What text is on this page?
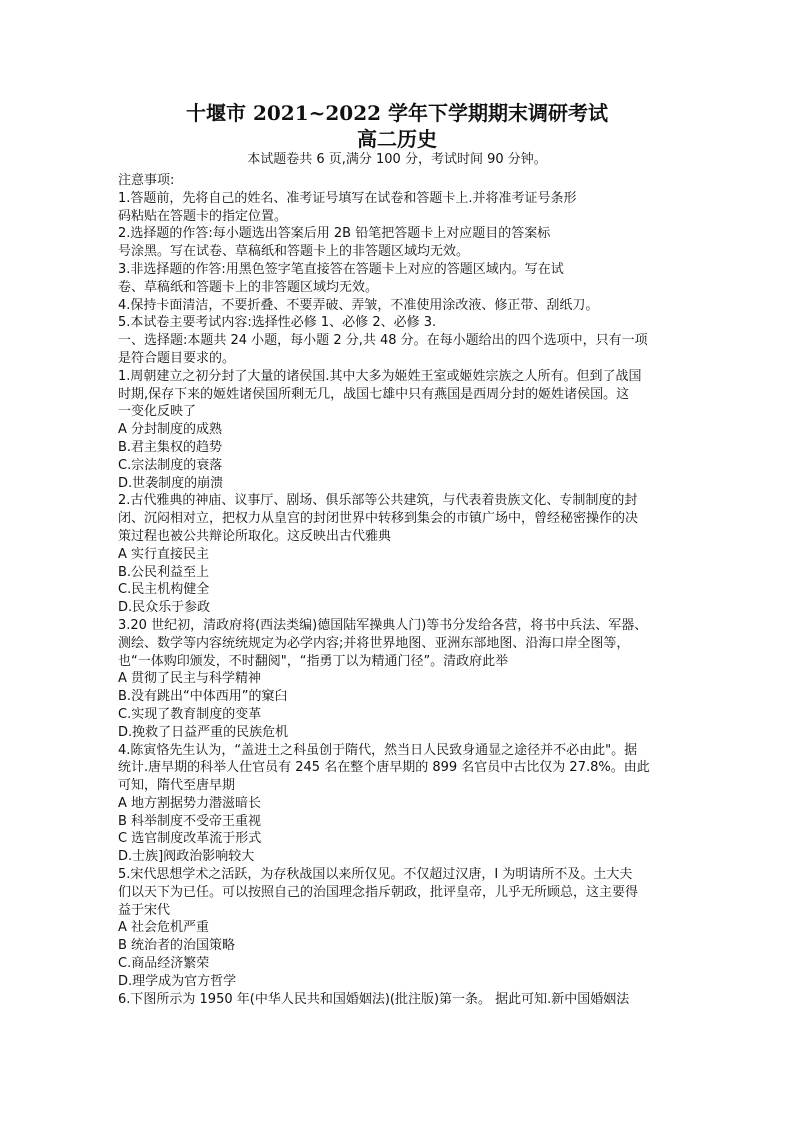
十堰市 2021~2022 学年下学期期末调研考试
高二历史
本试题卷共 6 页,满分 100 分，考试时间 90 分钟。
注意事项:
1.答题前，先将自己的姓名、准考证号填写在试卷和答题卡上.并将准考证号条形
码粘贴在答题卡的指定位置。
2.选择题的作答:每小题选出答案后用 2B 铅笔把答题卡上对应题目的答案标
号涂黑。写在试卷、草稿纸和答题卡上的非答题区域均无效。
3.非选择题的作答:用黑色签字笔直接答在答题卡上对应的答题区域内。写在试
卷、草稿纸和答题卡上的非答题区域均无效。
4.保持卡面清洁，不要折叠、不要弄破、弄皱，不准使用涂改液、修正带、刮纸刀。
5.本试卷主要考试内容:选择性必修 1、必修 2、必修 3.
一、选择题:本题共 24 小题，每小题 2 分,共 48 分。在每小题给出的四个选项中，只有一项
是符合题目要求的。
1.周朝建立之初分封了大量的诸侯国.其中大多为姬姓王室或姬姓宗族之人所有。但到了战国
时期,保存下来的姬姓诸侯国所剩无几，战国七雄中只有燕国是西周分封的姬姓诸侯国。这
一变化反映了
A 分封制度的成熟
B.君主集权的趋势
C.宗法制度的衰落
D.世袭制度的崩溃
2.古代雅典的神庙、议事厅、剧场、俱乐部等公共建筑，与代表着贵族文化、专制制度的封
闭、沉闷相对立，把权力从皇宫的封闭世界中转移到集会的市镇广场中，曾经秘密操作的决
策过程也被公共辩论所取化。这反映出古代雅典
A 实行直接民主
B.公民利益至上
C.民主机构健全
D.民众乐于参政
3.20 世纪初，清政府将(西法类编)德国陆军操典人门)等书分发给各营，将书中兵法、军器、
测绘、数学等内容统统规定为必学内容;并将世界地图、亚洲东部地图、沿海口岸全图等，
也“一体购印颁发，不时翻阅"，“指勇丁以为精通门径”。清政府此举
A 贯彻了民主与科学精神
B.没有跳出“中体西用”的窠臼
C.实现了教育制度的变革
D.挽救了日益严重的民族危机
4.陈寅恪先生认为，“盖进土之科虽创于隋代，然当日人民致身通显之途径并不必由此"。据
统计.唐早期的科举人仕官员有 245 名在整个唐早期的 899 名官员中古比仅为 27.8%。由此
可知，隋代至唐早期
A 地方割据势力潜滋暗长
B 科举制度不受帝王重视
C 选官制度改革流于形式
D.士族]阀政治影响较大
5.宋代思想学术之活跃，为存秋战国以来所仅见。不仅超过汉唐，I 为明请所不及。土大夫
们以天下为已任。可以按照自己的治国理念指斥朝政，批评皇帝，儿乎无所顾总，这主要得
益于宋代
A 社会危机严重
B 统治者的治国策略
C.商品经济繁荣
D.理学成为官方哲学
6.下图所示为 1950 年(中华人民共和国婚姻法)(批注版)第一条。 据此可知.新中国婚姻法
